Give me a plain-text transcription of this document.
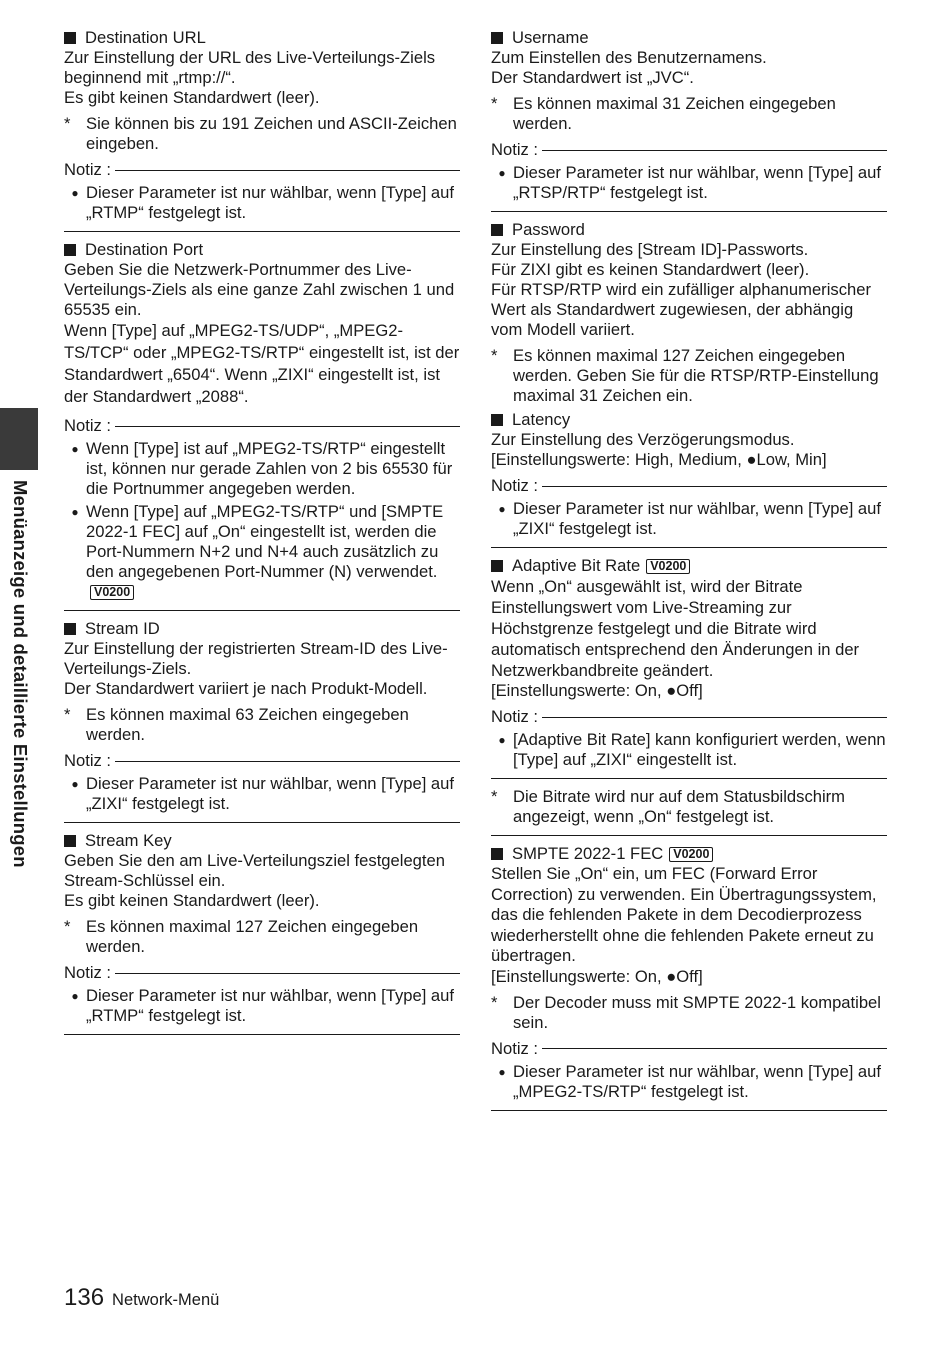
Menüanzeige und detaillierte Einstellungen
Destination URL

Zur Einstellung der URL des Live-Verteilungs-Ziels beginnend mit „rtmp://“.

Es gibt keinen Standardwert (leer).

* Sie können bis zu 191 Zeichen und ASCII-Zeichen eingeben.
Notiz :
● Dieser Parameter ist nur wählbar, wenn [Type] auf „RTMP“ festgelegt ist.
Destination Port

Geben Sie die Netzwerk-Portnummer des Live-Verteilungs-Ziels als eine ganze Zahl zwischen 1 und 65535 ein.

Wenn [Type] auf „MPEG2-TS/UDP“, „MPEG2-TS/TCP“ oder „MPEG2-TS/RTP“ eingestellt ist, ist der Standardwert „6504“. Wenn „ZIXI“ eingestellt ist, ist der Standardwert „2088“.

Notiz :
● Wenn [Type] ist auf „MPEG2-TS/RTP“ eingestellt ist, können nur gerade Zahlen von 2 bis 65530 für die Portnummer angegeben werden.
● Wenn [Type] auf „MPEG2-TS/RTP“ und [SMPTE 2022-1 FEC] auf „On“ eingestellt ist, werden die Port-Nummern N+2 und N+4 auch zusätzlich zu den angegebenen Port-Nummer (N) verwendet.V0200
Stream ID

Zur Einstellung der registrierten Stream-ID des Live-Verteilungs-Ziels.

Der Standardwert variiert je nach Produkt-Modell.

* Es können maximal 63 Zeichen eingegeben werden.
Notiz :
● Dieser Parameter ist nur wählbar, wenn [Type] auf „ZIXI“ festgelegt ist.
Stream Key

Geben Sie den am Live-Verteilungsziel festgelegten Stream-Schlüssel ein.

Es gibt keinen Standardwert (leer).

* Es können maximal 127 Zeichen eingegeben werden.
Notiz :
● Dieser Parameter ist nur wählbar, wenn [Type] auf „RTMP“ festgelegt ist.
Username

Zum Einstellen des Benutzernamens.

Der Standardwert ist „JVC“.

* Es können maximal 31 Zeichen eingegeben werden.
Notiz :
● Dieser Parameter ist nur wählbar, wenn [Type] auf „RTSP/RTP“ festgelegt ist.
Password

Zur Einstellung des [Stream ID]-Passworts.

Für ZIXI gibt es keinen Standardwert (leer).

Für RTSP/RTP wird ein zufälliger alphanumerischer Wert als Standardwert zugewiesen, der abhängig vom Modell variiert.

* Es können maximal 127 Zeichen eingegeben werden. Geben Sie für die RTSP/RTP-Einstellung maximal 31 Zeichen ein.
Latency

Zur Einstellung des Verzögerungsmodus.

[Einstellungswerte: High, Medium, ●Low, Min]

Notiz :
● Dieser Parameter ist nur wählbar, wenn [Type] auf „ZIXI“ festgelegt ist.
Adaptive Bit Rate V0200

Wenn „On“ ausgewählt ist, wird der Bitrate Einstellungswert vom Live-Streaming zur Höchstgrenze festgelegt und die Bitrate wird automatisch entsprechend den Änderungen in der Netzwerkbandbreite geändert.

[Einstellungswerte: On, ●Off]

Notiz :
● [Adaptive Bit Rate] kann konfiguriert werden, wenn [Type] auf „ZIXI“ eingestellt ist.
* Die Bitrate wird nur auf dem Statusbildschirm angezeigt, wenn „On“ festgelegt ist.
SMPTE 2022-1 FEC V0200

Stellen Sie „On“ ein, um FEC (Forward Error Correction) zu verwenden. Ein Übertragungssystem, das die fehlenden Pakete in dem Decodierprozess wiederherstellt ohne die fehlenden Pakete erneut zu übertragen.

[Einstellungswerte: On, ●Off]

* Der Decoder muss mit SMPTE 2022-1 kompatibel sein.
Notiz :
● Dieser Parameter ist nur wählbar, wenn [Type] auf „MPEG2-TS/RTP“ festgelegt ist.
136 Network-Menü
